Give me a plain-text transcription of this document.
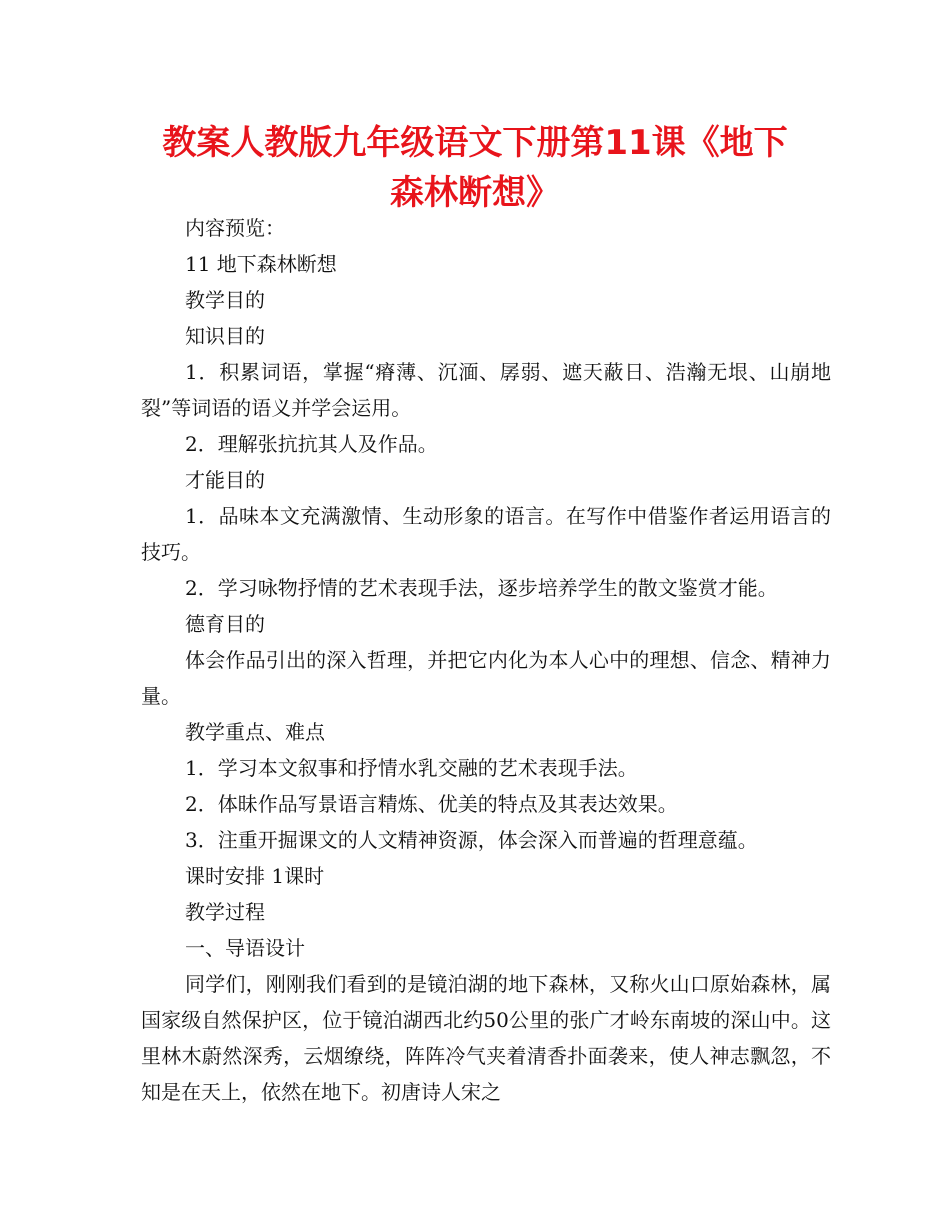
教案人教版九年级语文下册第11课《地下
森林断想》

内容预览：

11 地下森林断想

教学目的

知识目的

1．积累词语，掌握“瘠薄、沉湎、孱弱、遮天蔽日、浩瀚无垠、山崩地裂”等词语的语义并学会运用。

2．理解张抗抗其人及作品。

才能目的

1．品味本文充满激情、生动形象的语言。在写作中借鉴作者运用语言的技巧。

2．学习咏物抒情的艺术表现手法，逐步培养学生的散文鉴赏才能。

德育目的

体会作品引出的深入哲理，并把它内化为本人心中的理想、信念、精神力量。

教学重点、难点

1．学习本文叙事和抒情水乳交融的艺术表现手法。

2．体昧作品写景语言精炼、优美的特点及其表达效果。

3．注重开掘课文的人文精神资源，体会深入而普遍的哲理意蕴。

课时安排 1课时

教学过程

一、导语设计

同学们，刚刚我们看到的是镜泊湖的地下森林，又称火山口原始森林，属国家级自然保护区，位于镜泊湖西北约50公里的张广才岭东南坡的深山中。这里林木蔚然深秀，云烟缭绕，阵阵冷气夹着清香扑面袭来，使人神志飘忽，不知是在天上，依然在地下。初唐诗人宋之
